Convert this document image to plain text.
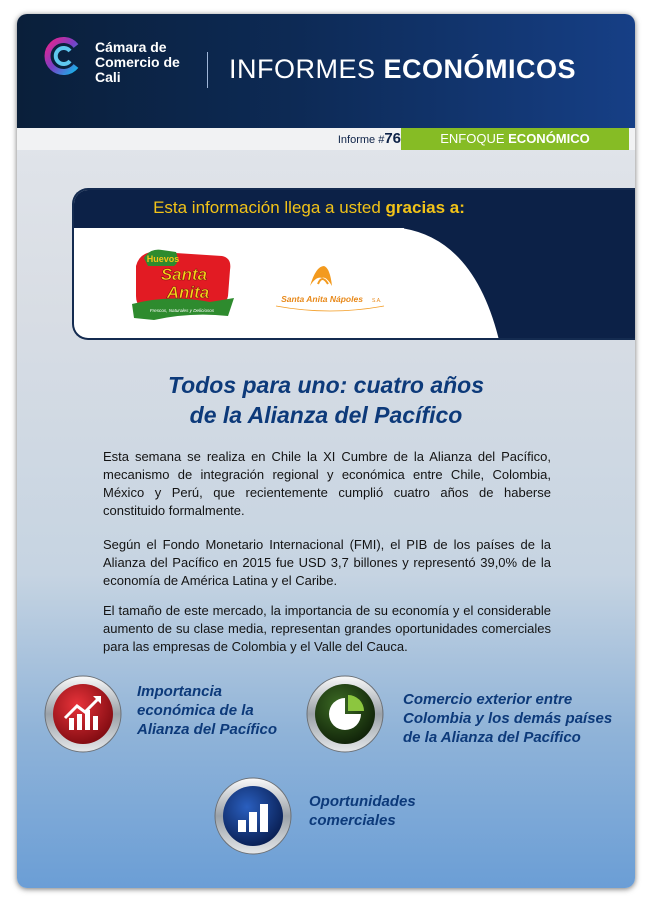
Cámara de
Comercio de
Cali	INFORMES ECONÓMICOS
Informe #76	ENFOQUE ECONÓMICO
Esta información llega a usted gracias a:
Huevos
Santa
Anita
Frescos, Naturales y Deliciosos
Santa Anita Nápoles S.A.
Todos para uno: cuatro años
de la Alianza del Pacífico

Esta semana se realiza en Chile la XI Cumbre de la Alianza del Pacífico, mecanismo de integración regional y económica entre Chile, Colombia, México y Perú, que recientemente cumplió cuatro años de haberse constituido formalmente.

Según el Fondo Monetario Internacional (FMI), el PIB de los países de la Alianza del Pacífico en 2015 fue USD 3,7 billones y representó 39,0% de la economía de América Latina y el Caribe.

El tamaño de este mercado, la importancia de su economía y el considerable aumento de su clase media, representan grandes oportunidades comerciales para las empresas de Colombia y el Valle del Cauca.

Importancia
económica de la
Alianza del Pacífico
Comercio exterior entre
Colombia y los demás países
de la Alianza del Pacífico
Oportunidades
comerciales
